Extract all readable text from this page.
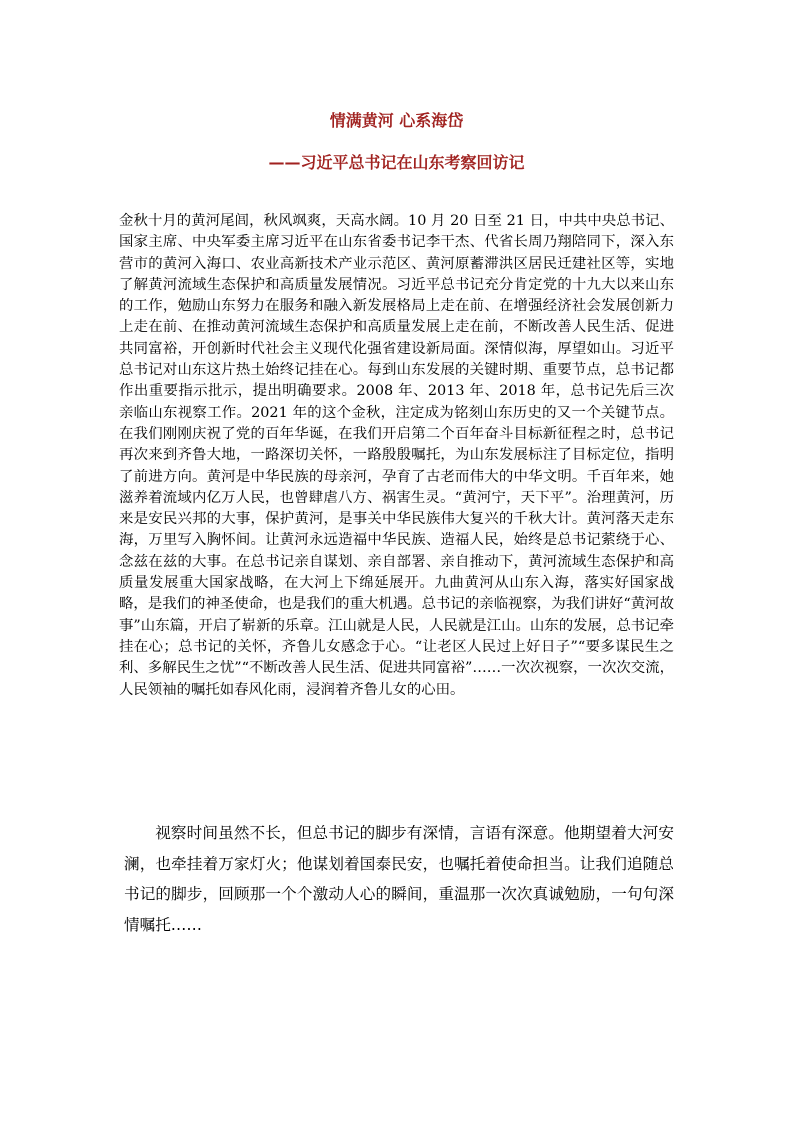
情满黄河 心系海岱
——习近平总书记在山东考察回访记

金秋十月的黄河尾闾，秋风飒爽，天高水阔。10 月 20 日至 21 日，中共中央总书记、国家主席、中央军委主席习近平在山东省委书记李干杰、代省长周乃翔陪同下，深入东营市的黄河入海口、农业高新技术产业示范区、黄河原蓄滞洪区居民迁建社区等，实地了解黄河流域生态保护和高质量发展情况。习近平总书记充分肯定党的十九大以来山东的工作，勉励山东努力在服务和融入新发展格局上走在前、在增强经济社会发展创新力上走在前、在推动黄河流域生态保护和高质量发展上走在前，不断改善人民生活、促进共同富裕，开创新时代社会主义现代化强省建设新局面。深情似海，厚望如山。习近平总书记对山东这片热土始终记挂在心。每到山东发展的关键时期、重要节点，总书记都作出重要指示批示，提出明确要求。2008 年、2013 年、2018 年，总书记先后三次亲临山东视察工作。2021 年的这个金秋，注定成为铭刻山东历史的又一个关键节点。在我们刚刚庆祝了党的百年华诞，在我们开启第二个百年奋斗目标新征程之时，总书记再次来到齐鲁大地，一路深切关怀，一路殷殷嘱托，为山东发展标注了目标定位，指明了前进方向。黄河是中华民族的母亲河，孕育了古老而伟大的中华文明。千百年来，她滋养着流域内亿万人民，也曾肆虐八方、祸害生灵。“黄河宁，天下平”。治理黄河，历来是安民兴邦的大事，保护黄河，是事关中华民族伟大复兴的千秋大计。黄河落天走东海，万里写入胸怀间。让黄河永远造福中华民族、造福人民，始终是总书记萦绕于心、念兹在兹的大事。在总书记亲自谋划、亲自部署、亲自推动下，黄河流域生态保护和高质量发展重大国家战略，在大河上下绵延展开。九曲黄河从山东入海，落实好国家战略，是我们的神圣使命，也是我们的重大机遇。总书记的亲临视察，为我们讲好“黄河故事”山东篇，开启了崭新的乐章。江山就是人民，人民就是江山。山东的发展，总书记牵挂在心；总书记的关怀，齐鲁儿女感念于心。“让老区人民过上好日子”“要多谋民生之利、多解民生之忧”“不断改善人民生活、促进共同富裕”……一次次视察，一次次交流，人民领袖的嘱托如春风化雨，浸润着齐鲁儿女的心田。

视察时间虽然不长，但总书记的脚步有深情，言语有深意。他期望着大河安澜，也牵挂着万家灯火；他谋划着国泰民安，也嘱托着使命担当。让我们追随总书记的脚步，回顾那一个个激动人心的瞬间，重温那一次次真诚勉励，一句句深情嘱托……
